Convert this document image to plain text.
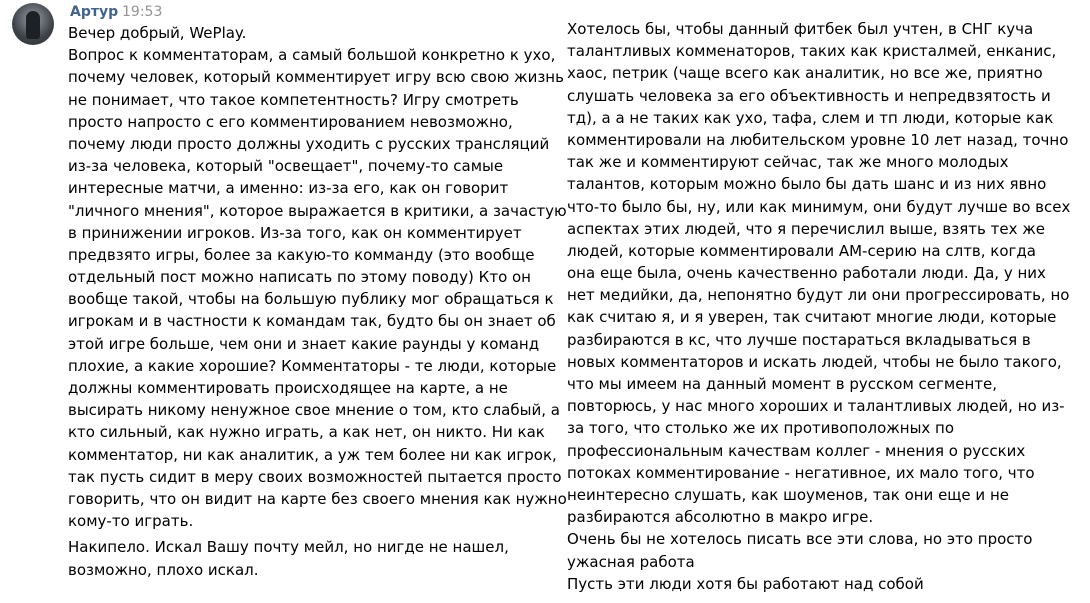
Артур 19:53
Вечер добрый, WePlay.
Вопрос к комментаторам, а самый большой конкретно к ухо,
почему человек, который комментирует игру всю свою жизнь
не понимает, что такое компетентность? Игру смотреть
просто напросто с его комментированием невозможно,
почему люди просто должны уходить с русских трансляций
из-за человека, который "освещает", почему-то самые
интересные матчи, а именно: из-за его, как он говорит
"личного мнения", которое выражается в критики, а зачастую
в принижении игроков. Из-за того, как он комментирует
предвзято игры, более за какую-то комманду (это вообще
отдельный пост можно написать по этому поводу) Кто он
вообще такой, чтобы на большую публику мог обращаться к
игрокам и в частности к командам так, будто бы он знает об
этой игре больше, чем они и знает какие раунды у команд
плохие, а какие хорошие? Комментаторы - те люди, которые
должны комментировать происходящее на карте, а не
высирать никому ненужное свое мнение о том, кто слабый, а
кто сильный, как нужно играть, а как нет, он никто. Ни как
комментатор, ни как аналитик, а уж тем более ни как игрок,
так пусть сидит в меру своих возможностей пытается просто
говорить, что он видит на карте без своего мнения как нужно
кому-то играть.
Накипело. Искал Вашу почту мейл, но нигде не нашел,
возможно, плохо искал.
Хотелось бы, чтобы данный фитбек был учтен, в СНГ куча
талантливых комменаторов, таких как кристалмей, енканис,
хаос, петрик (чаще всего как аналитик, но все же, приятно
слушать человека за его объективность и непредвзятость и
тд), а а не таких как ухо, тафа, слем и тп люди, которые как
комментировали на любительском уровне 10 лет назад, точно
так же и комментируют сейчас, так же много молодых
талантов, которым можно было бы дать шанс и из них явно
что-то было бы, ну, или как минимум, они будут лучше во всех
аспектах этих людей, что я перечислил выше, взять тех же
людей, которые комментировали АМ-серию на слтв, когда
она еще была, очень качественно работали люди. Да, у них
нет медийки, да, непонятно будут ли они прогрессировать, но
как считаю я, и я уверен, так считают многие люди, которые
разбираются в кс, что лучше постараться вкладываться в
новых комментаторов и искать людей, чтобы не было такого,
что мы имеем на данный момент в русском сегменте,
повторюсь, у нас много хороших и талантливых людей, но из-
за того, что столько же их противоположных по
профессиональным качествам коллег - мнения о русских
потоках комментирование - негативное, их мало того, что
неинтересно слушать, как шоуменов, так они еще и не
разбираются абсолютно в макро игре.
Очень бы не хотелось писать все эти слова, но это просто
ужасная работа
Пусть эти люди хотя бы работают над собой
